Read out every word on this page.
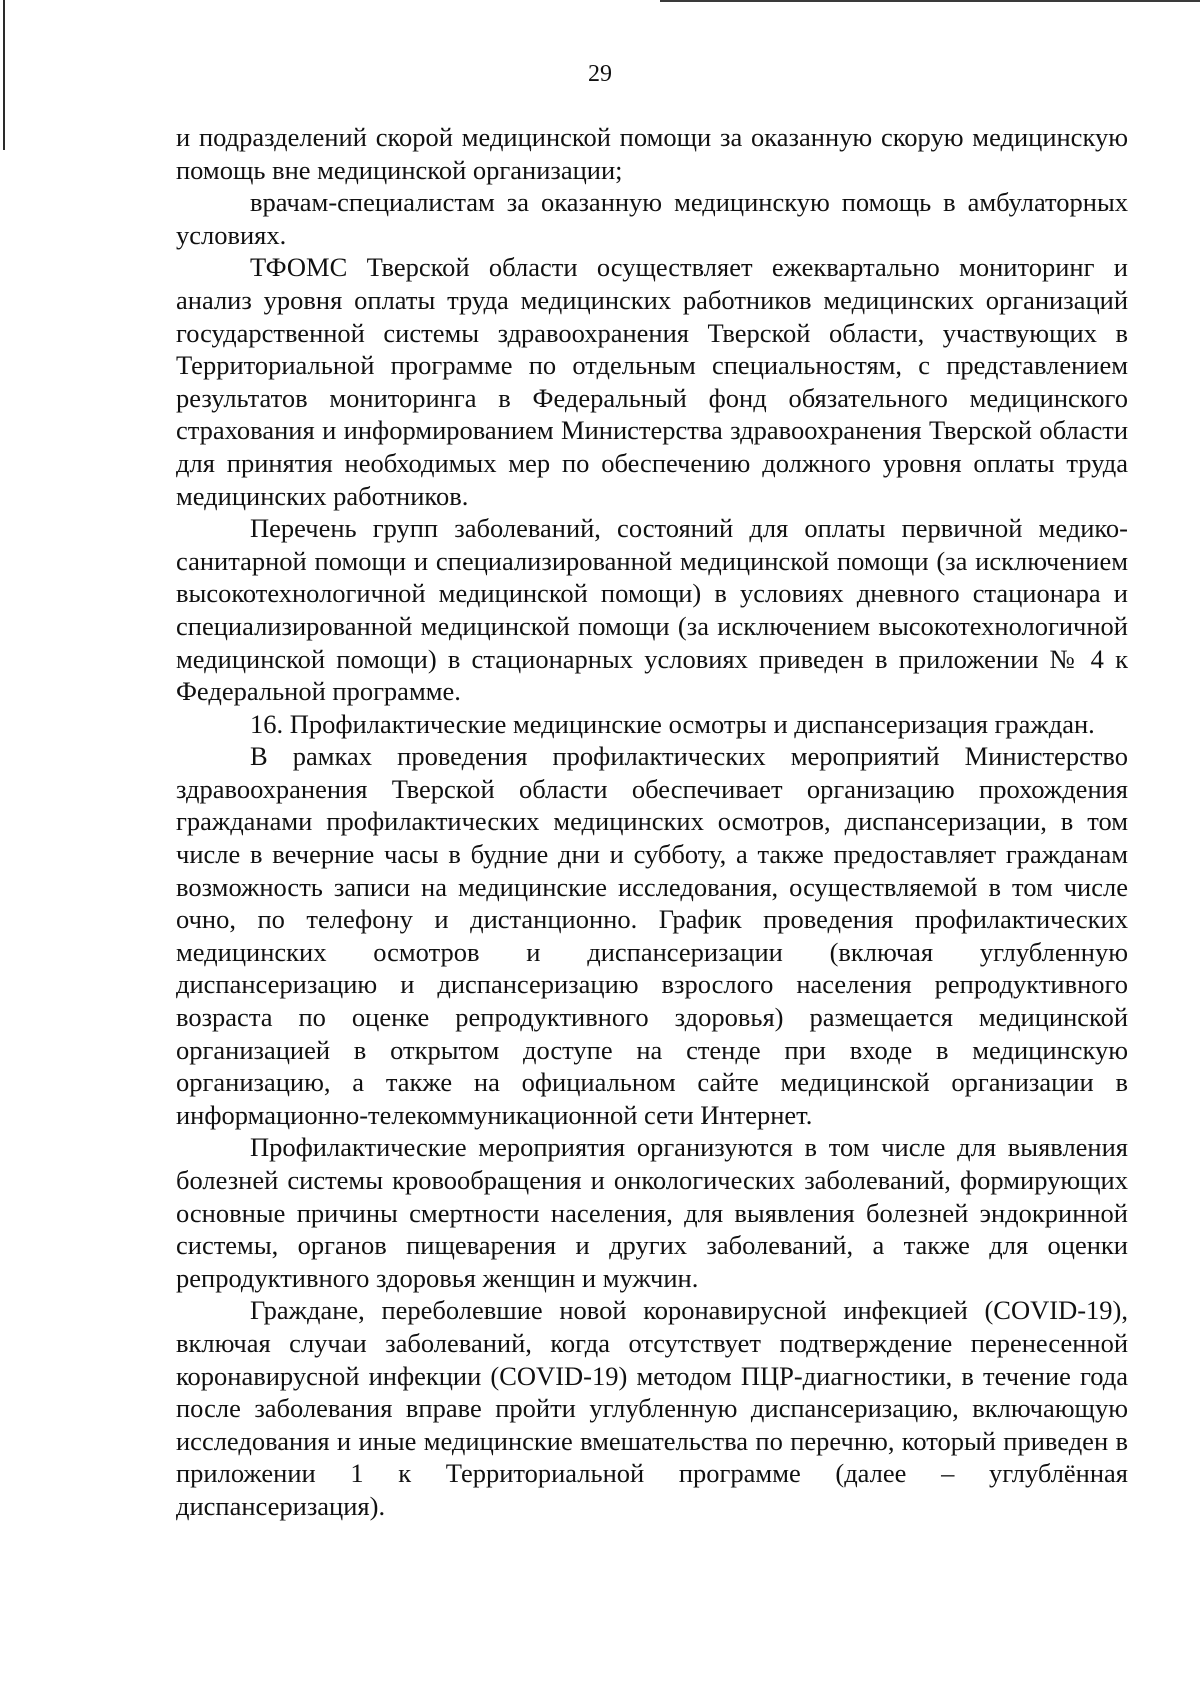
29

и подразделений скорой медицинской помощи за оказанную скорую медицинскую помощь вне медицинской организации;

врачам-специалистам за оказанную медицинскую помощь в амбулаторных условиях.

ТФОМС Тверской области осуществляет ежеквартально мониторинг и анализ уровня оплаты труда медицинских работников медицинских организаций государственной системы здравоохранения Тверской области, участвующих в Территориальной программе по отдельным специальностям, с представлением результатов мониторинга в Федеральный фонд обязательного медицинского страхования и информированием Министерства здравоохранения Тверской области для принятия необходимых мер по обеспечению должного уровня оплаты труда медицинских работников.

Перечень групп заболеваний, состояний для оплаты первичной медико-санитарной помощи и специализированной медицинской помощи (за исключением высокотехнологичной медицинской помощи) в условиях дневного стационара и специализированной медицинской помощи (за исключением высокотехнологичной медицинской помощи) в стационарных условиях приведен в приложении № 4 к Федеральной программе.

16. Профилактические медицинские осмотры и диспансеризация граждан.

В рамках проведения профилактических мероприятий Министерство здравоохранения Тверской области обеспечивает организацию прохождения гражданами профилактических медицинских осмотров, диспансеризации, в том числе в вечерние часы в будние дни и субботу, а также предоставляет гражданам возможность записи на медицинские исследования, осуществляемой в том числе очно, по телефону и дистанционно. График проведения профилактических медицинских осмотров и диспансеризации (включая углубленную диспансеризацию и диспансеризацию взрослого населения репродуктивного возраста по оценке репродуктивного здоровья) размещается медицинской организацией в открытом доступе на стенде при входе в медицинскую организацию, а также на официальном сайте медицинской организации в информационно-телекоммуникационной сети Интернет.

Профилактические мероприятия организуются в том числе для выявления болезней системы кровообращения и онкологических заболеваний, формирующих основные причины смертности населения, для выявления болезней эндокринной системы, органов пищеварения и других заболеваний, а также для оценки репродуктивного здоровья женщин и мужчин.

Граждане, переболевшие новой коронавирусной инфекцией (COVID-19), включая случаи заболеваний, когда отсутствует подтверждение перенесенной коронавирусной инфекции (COVID-19) методом ПЦР-диагностики, в течение года после заболевания вправе пройти углубленную диспансеризацию, включающую исследования и иные медицинские вмешательства по перечню, который приведен в приложении 1 к Территориальной программе (далее – углублённая диспансеризация).
